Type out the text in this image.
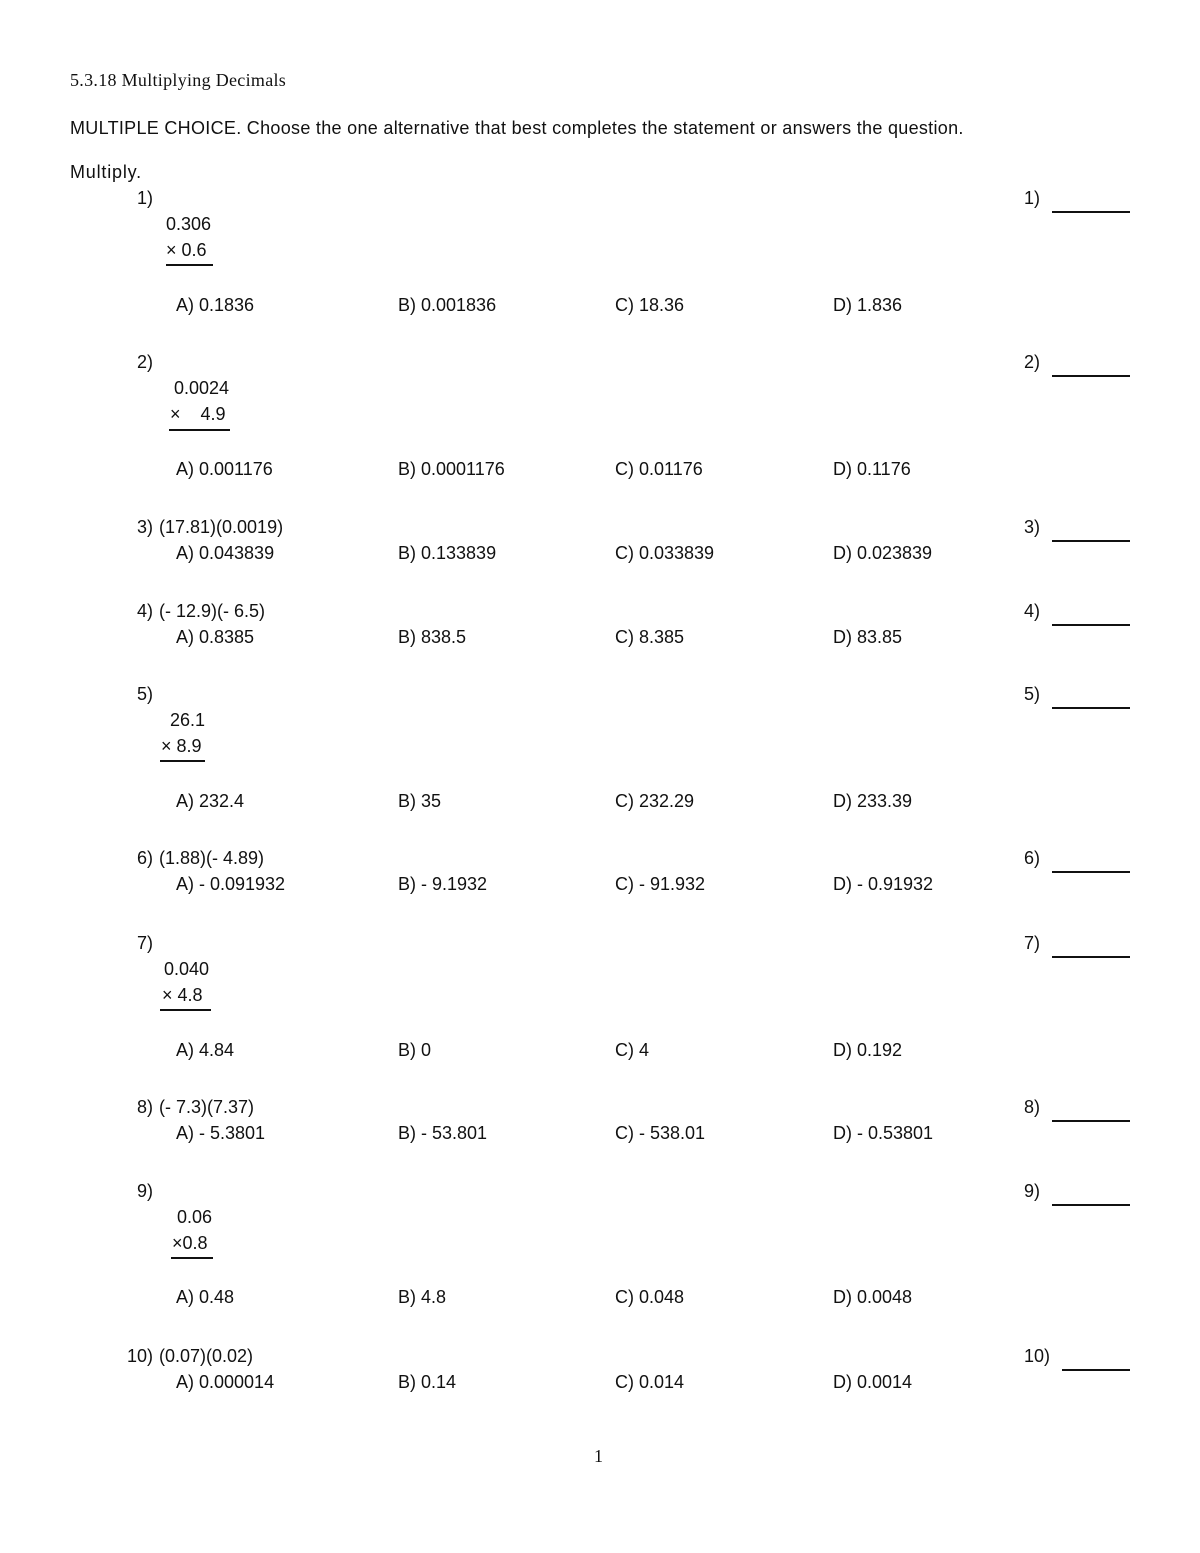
5.3.18 Multiplying Decimals
MULTIPLE CHOICE. Choose the one alternative that best completes the statement or answers the question.
Multiply.
1)
0.306
× 0.6
A) 0.1836	B) 0.001836	C) 18.36	D) 1.836
1)
2)
0.0024
×    4.9
A) 0.001176	B) 0.0001176	C) 0.01176	D) 0.1176
2)
3) (17.81)(0.0019)
A) 0.043839	B) 0.133839	C) 0.033839	D) 0.023839
3)
4) (- 12.9)(- 6.5)
A) 0.8385	B) 838.5	C) 8.385	D) 83.85
4)
5)
26.1
× 8.9
A) 232.4	B) 35	C) 232.29	D) 233.39
5)
6) (1.88)(- 4.89)
A) - 0.091932	B) - 9.1932	C) - 91.932	D) - 0.91932
6)
7)
0.040
× 4.8
A) 4.84	B) 0	C) 4	D) 0.192
7)
8) (- 7.3)(7.37)
A) - 5.3801	B) - 53.801	C) - 538.01	D) - 0.53801
8)
9)
0.06
×0.8
A) 0.48	B) 4.8	C) 0.048	D) 0.0048
9)
10) (0.07)(0.02)
A) 0.000014	B) 0.14	C) 0.014	D) 0.0014
10)
1
